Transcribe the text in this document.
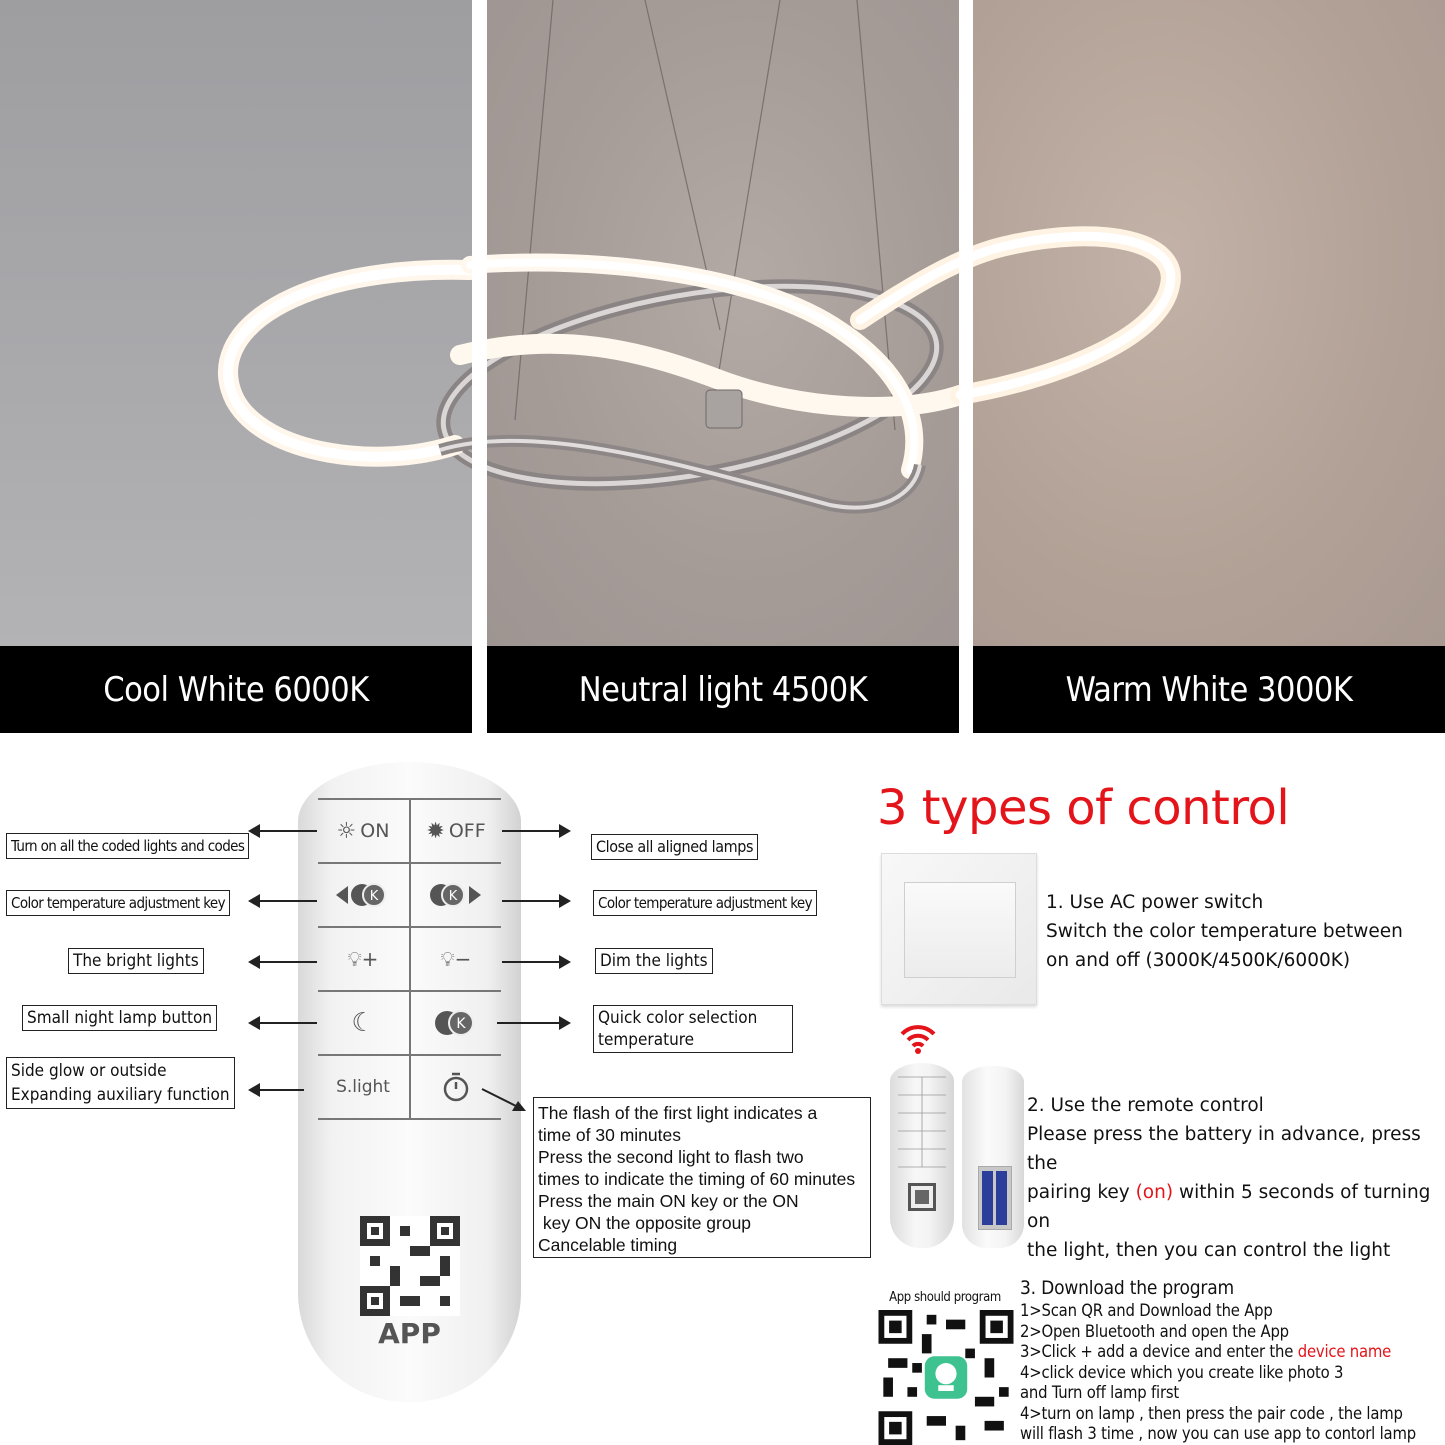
Cool White 6000K	Neutral light 4500K	Warm White 3000K
☼ ON ✹ OFF
K	K
💡︎+	💡︎−
☾	K
S.light
APP
Turn on all the coded lights and codes
Color temperature adjustment key
The bright lights
Small night lamp button
Side glow or outside
Expanding auxiliary function
Close all aligned lamps
Color temperature adjustment key
Dim the lights
Quick color selection
temperature
The flash of the first light indicates a
time of 30 minutes
Press the second light to flash two
times to indicate the timing of 60 minutes
Press the main ON key or the ON
key ON the opposite group
Cancelable timing
3 types of control
1. Use AC power switch
Switch the color temperature between
on and off (3000K/4500K/6000K)
2. Use the remote control
Please press the battery in advance, press the
pairing key (on) within 5 seconds of turning on
the light, then you can control the light
App should program	3. Download the program
1>Scan QR and Download the App
2>Open Bluetooth and open the App
3>Click + add a device and enter the device name
4>click device which you create like photo 3
and Turn off lamp first
4>turn on lamp , then press the pair code , the lamp
will flash 3 time , now you can use app to contorl lamp
